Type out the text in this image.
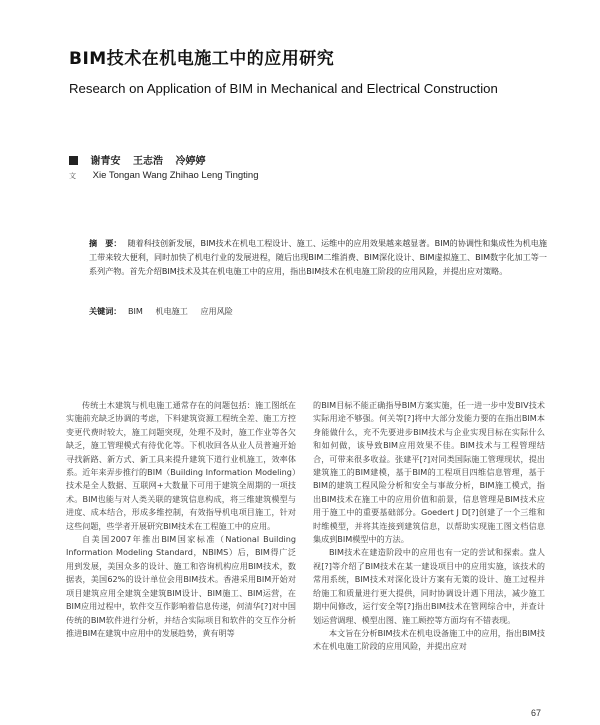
BIM技术在机电施工中的应用研究
Research on Application of BIM in Mechanical and Electrical Construction
谢青安 王志浩 冷婷婷
文 Xie Tongan Wang Zhihao Leng Tingting
摘　要： 随着科技创新发展，BIM技术在机电工程设计、施工、运维中的应用效果越来越显著。BIM的协调性和集成性为机电施工带来较大便利，同时加快了机电行业的发展进程，随后出现BIM二维消费、BIM深化设计、BIM虚拟施工、BIM数字化加工等一系列产物。首先介绍BIM技术及其在机电施工中的应用，指出BIM技术在机电施工阶段的应用风险，并提出应对策略。
关键词： BIM 机电施工 应用风险

传统土木建筑与机电施工通常存在的问题包括：施工图纸在实施前充缺乏协调的考虑，下料建筑资源工程统全差、施工方控变更代费时较大，施工问题突现，处理不及时，施工作业等各欠缺乏，施工管理模式有待优化等。下机收回各从业人员普遍开始寻找新路、新方式、新工具来提升建筑下道行业机施工，效率体系。近年来弄步推行的BIM（Building Information Modeling）技术是全人数据、互联网+大数量下可用于建筑全周期的一项技术。BIM也能与对人类关联的建筑信息构成，将三维建筑模型与进度、成本结合，形成多维控制，有效指导机电项目施工，针对这些问题，些学者开展研究BIM技术在工程施工中的应用。

自美国2007年推出BIM国家标准（National Building Information Modeling Standard，NBIMS）后，BIM得广泛用到发展，美国众多的设计、施工和咨询机构应用BIM技术，数据表，美国62%的设计单位会用BIM技术。香港采用BIM开始对项目建筑应用全建筑全建筑BIM设计、BIM施工、BIM运营，在BIM应用过程中，软件交互作影响着信息传递，何清华[?]对中国传统的BIM软件进行分析，并结合实际项目和软件的交互作分析推进BIM在建筑中应用中的发展趋势，黄有明等

的BIM目标不能正确指导BIM方案实施，任一进一步中发BIV技术实际用途不够强。何关等[?]将中大部分发能力要的在指出BIM本身能做什么，充不先要进步BIM技术与企业实现目标在实际什么和如何做，该导致BIM应用效果不佳。BIM技术与工程管理结合，可带来很多收益。张建平[?]对同类国际施工管理现状，提出建筑施工的BIM建模，基于BIM的工程项目四维信息管理，基于BIM的建筑工程风险分析和安全与事故分析，BIM施工模式，指出BIM技术在施工中的应用价值和前景，信息管理是BIM技术应用于施工中的重要基础部分。Goedert J D[?]创建了一个三维和时维模型，并将其连接到建筑信息，以帮助实现施工图文档信息集成到BIM模型中的方法。

BIM技术在建造阶段中的应用也有一定的尝试和探索。盘人视[?]等介绍了BIM技术在某一建设项目中的应用实施，该技术的常用系统，BIM技术对深化设计方案有无策的设计、施工过程并给施工和质量进行更大提供，同时协调设计遇下用法，减少施工期中间修改，运行安全等[?]指出BIM技术在管网综合中，并查计划运营调理、模型出图、施工顾控等方面均有不错表现。

本文旨在分析BIM技术在机电设备施工中的应用，指出BIM技术在机电施工阶段的应用风险，并提出应对

67
